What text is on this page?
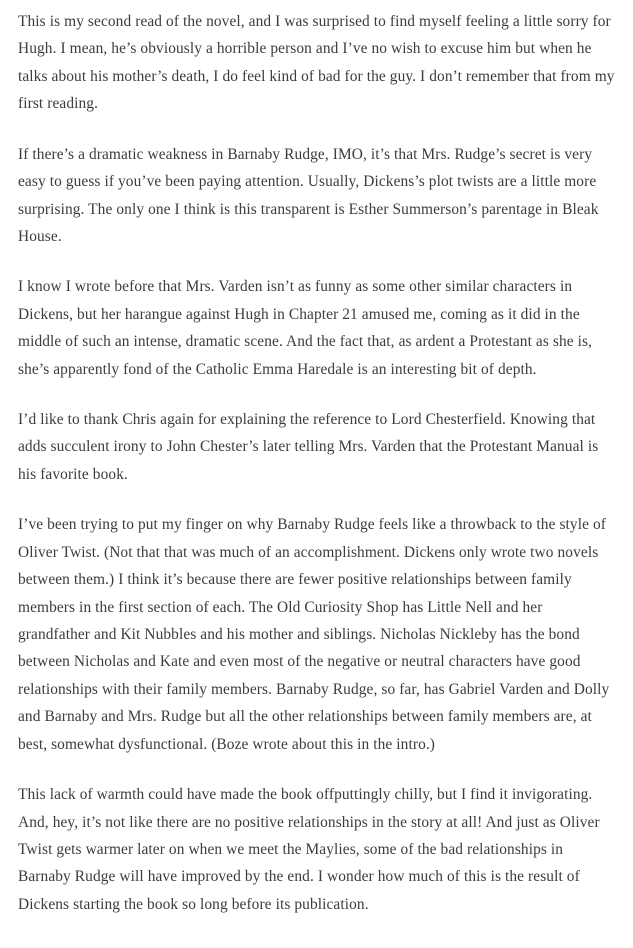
This is my second read of the novel, and I was surprised to find myself feeling a little sorry for Hugh. I mean, he’s obviously a horrible person and I’ve no wish to excuse him but when he talks about his mother’s death, I do feel kind of bad for the guy. I don’t remember that from my first reading.

If there’s a dramatic weakness in Barnaby Rudge, IMO, it’s that Mrs. Rudge’s secret is very easy to guess if you’ve been paying attention. Usually, Dickens’s plot twists are a little more surprising. The only one I think is this transparent is Esther Summerson’s parentage in Bleak House.

I know I wrote before that Mrs. Varden isn’t as funny as some other similar characters in Dickens, but her harangue against Hugh in Chapter 21 amused me, coming as it did in the middle of such an intense, dramatic scene. And the fact that, as ardent a Protestant as she is, she’s apparently fond of the Catholic Emma Haredale is an interesting bit of depth.

I’d like to thank Chris again for explaining the reference to Lord Chesterfield. Knowing that adds succulent irony to John Chester’s later telling Mrs. Varden that the Protestant Manual is his favorite book.

I’ve been trying to put my finger on why Barnaby Rudge feels like a throwback to the style of Oliver Twist. (Not that that was much of an accomplishment. Dickens only wrote two novels between them.) I think it’s because there are fewer positive relationships between family members in the first section of each. The Old Curiosity Shop has Little Nell and her grandfather and Kit Nubbles and his mother and siblings. Nicholas Nickleby has the bond between Nicholas and Kate and even most of the negative or neutral characters have good relationships with their family members. Barnaby Rudge, so far, has Gabriel Varden and Dolly and Barnaby and Mrs. Rudge but all the other relationships between family members are, at best, somewhat dysfunctional. (Boze wrote about this in the intro.)

This lack of warmth could have made the book offputtingly chilly, but I find it invigorating. And, hey, it’s not like there are no positive relationships in the story at all! And just as Oliver Twist gets warmer later on when we meet the Maylies, some of the bad relationships in Barnaby Rudge will have improved by the end. I wonder how much of this is the result of Dickens starting the book so long before its publication.
